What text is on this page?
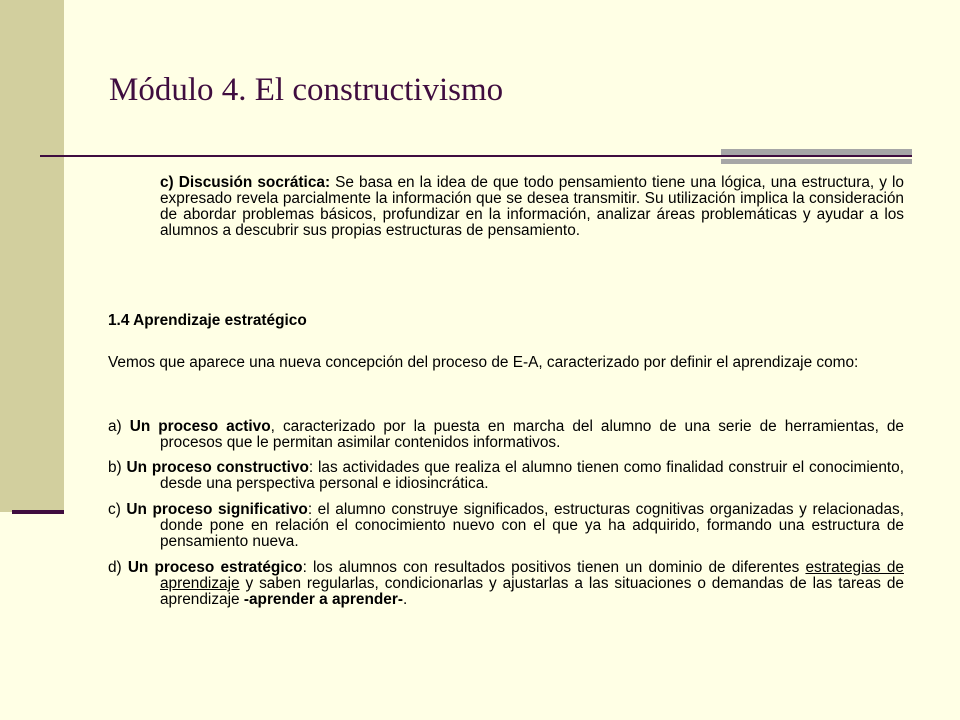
Módulo 4. El constructivismo

c) Discusión socrática: Se basa en la idea de que todo pensamiento tiene una lógica, una estructura, y lo expresado revela parcialmente la información que se desea transmitir. Su utilización implica la consideración de abordar problemas básicos, profundizar en la información, analizar áreas problemáticas y ayudar a los alumnos a descubrir sus propias estructuras de pensamiento.

1.4 Aprendizaje estratégico

Vemos que aparece una nueva concepción del proceso de E-A, caracterizado por definir el aprendizaje como:

a) Un proceso activo, caracterizado por la puesta en marcha del alumno de una serie de herramientas, de procesos que le permitan asimilar contenidos informativos.

b) Un proceso constructivo: las actividades que realiza el alumno tienen como finalidad construir el conocimiento, desde una perspectiva personal e idiosincrática.

c) Un proceso significativo: el alumno construye significados, estructuras cognitivas organizadas y relacionadas, donde pone en relación el conocimiento nuevo con el que ya ha adquirido, formando una estructura de pensamiento nueva.

d) Un proceso estratégico: los alumnos con resultados positivos tienen un dominio de diferentes estrategias de aprendizaje y saben regularlas, condicionarlas y ajustarlas a las situaciones o demandas de las tareas de aprendizaje -aprender a aprender-.
